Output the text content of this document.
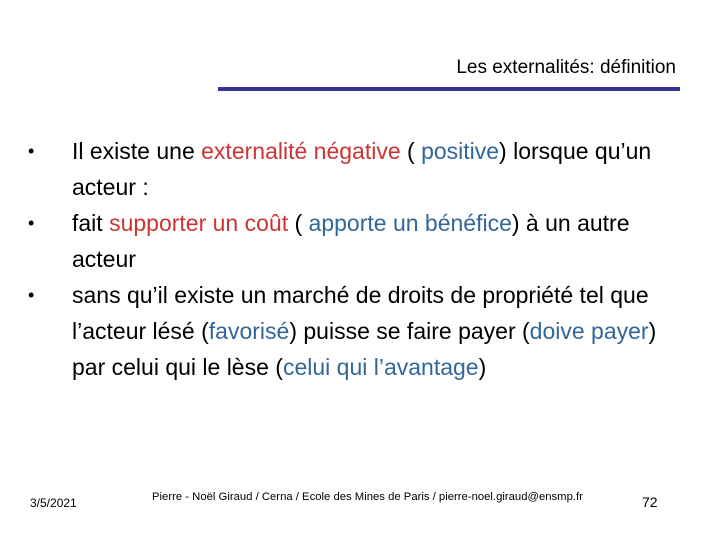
Les externalités: définition
•	Il existe une externalité négative ( positive) lorsque qu’un acteur :
•	fait supporter un coût ( apporte un bénéfice) à un autre acteur
•	sans qu’il existe un marché de droits de propriété tel que l’acteur lésé (favorisé) puisse se faire payer (doive payer) par celui qui le lèse (celui qui l’avantage)
3/5/2021	Pierre - Noël Giraud / Cerna / Ecole des Mines de Paris / pierre-noel.giraud@ensmp.fr	72
